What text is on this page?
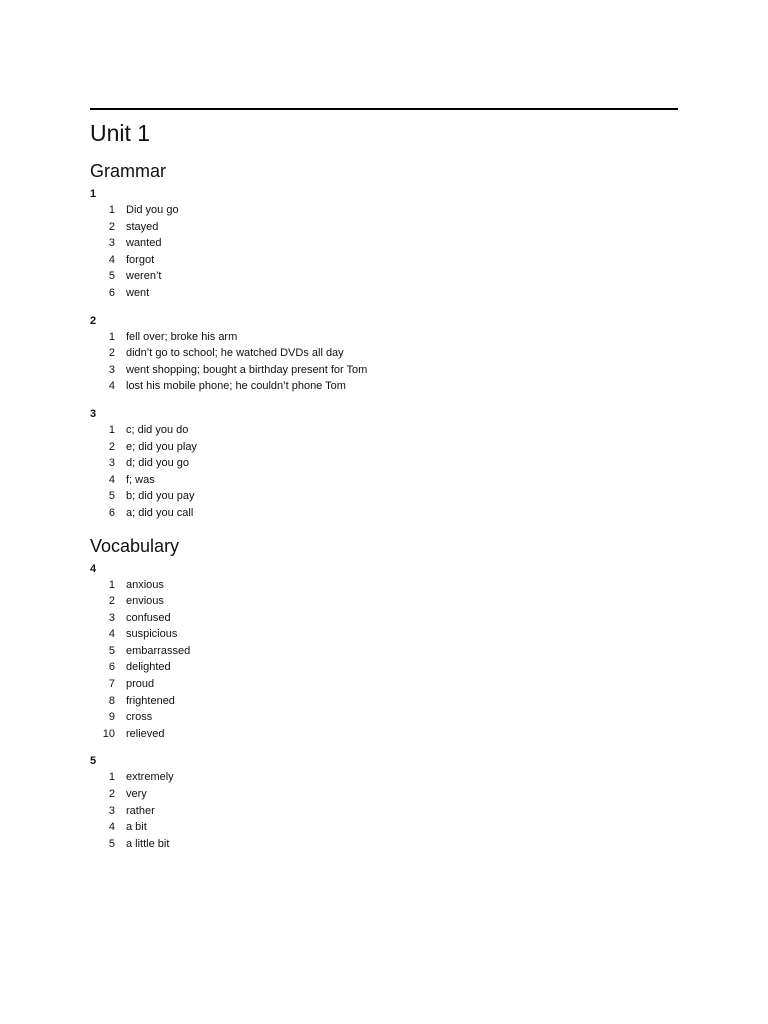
Unit 1
Grammar
1
1 Did you go
2 stayed
3 wanted
4 forgot
5 weren’t
6 went
2
1 fell over; broke his arm
2 didn’t go to school; he watched DVDs all day
3 went shopping; bought a birthday present for Tom
4 lost his mobile phone; he couldn’t phone Tom
3
1 c; did you do
2 e; did you play
3 d; did you go
4 f; was
5 b; did you pay
6 a; did you call
Vocabulary
4
1 anxious
2 envious
3 confused
4 suspicious
5 embarrassed
6 delighted
7 proud
8 frightened
9 cross
10 relieved
5
1 extremely
2 very
3 rather
4 a bit
5 a little bit
